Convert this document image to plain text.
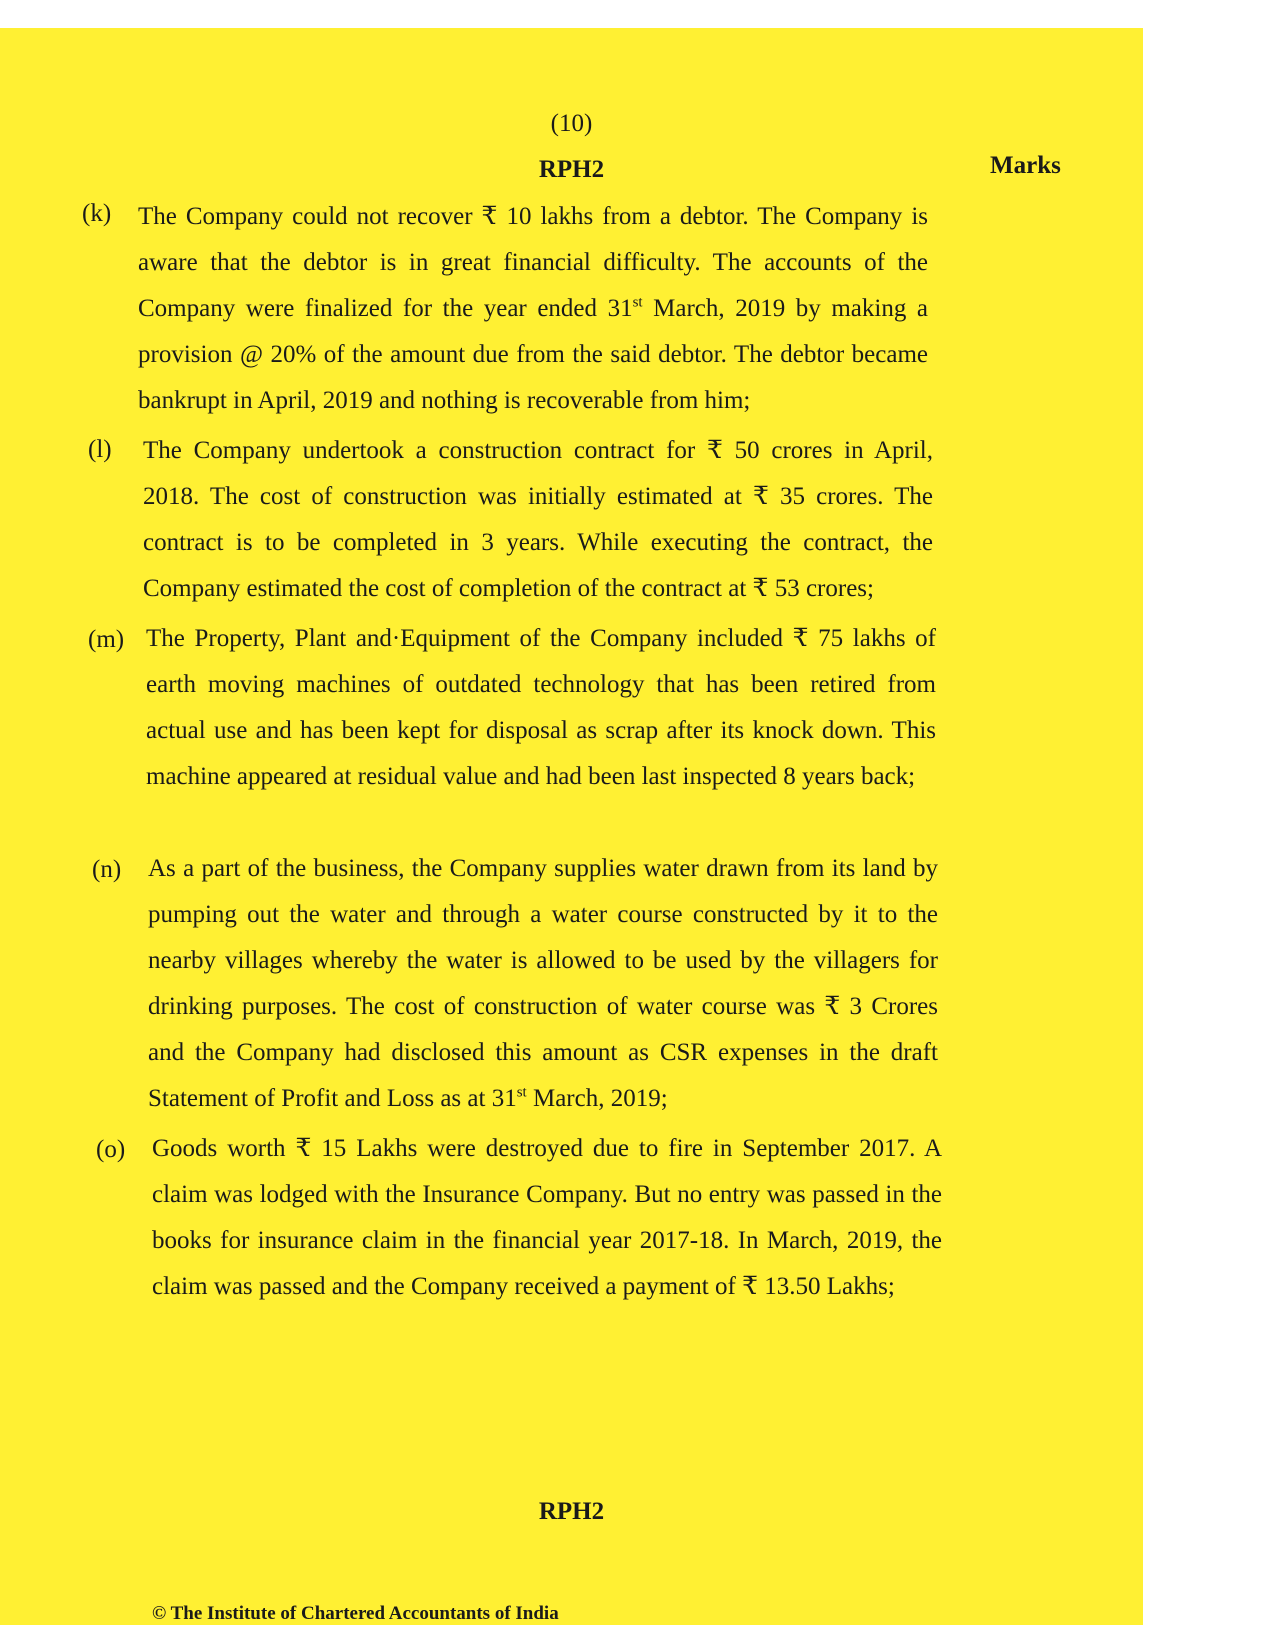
(10)
RPH2	Marks
(k) The Company could not recover ₹ 10 lakhs from a debtor. The Company is aware that the debtor is in great financial difficulty. The accounts of the Company were finalized for the year ended 31st March, 2019 by making a provision @ 20% of the amount due from the said debtor. The debtor became bankrupt in April, 2019 and nothing is recoverable from him;

(l) The Company undertook a construction contract for ₹ 50 crores in April, 2018. The cost of construction was initially estimated at ₹ 35 crores. The contract is to be completed in 3 years. While executing the contract, the Company estimated the cost of completion of the contract at ₹ 53 crores;

(m) The Property, Plant and·Equipment of the Company included ₹ 75 lakhs of earth moving machines of outdated technology that has been retired from actual use and has been kept for disposal as scrap after its knock down. This machine appeared at residual value and had been last inspected 8 years back;

(n) As a part of the business, the Company supplies water drawn from its land by pumping out the water and through a water course constructed by it to the nearby villages whereby the water is allowed to be used by the villagers for drinking purposes. The cost of construction of water course was ₹ 3 Crores and the Company had disclosed this amount as CSR expenses in the draft Statement of Profit and Loss as at 31st March, 2019;

(o) Goods worth ₹ 15 Lakhs were destroyed due to fire in September 2017. A claim was lodged with the Insurance Company. But no entry was passed in the books for insurance claim in the financial year 2017-18. In March, 2019, the claim was passed and the Company received a payment of ₹ 13.50 Lakhs;

RPH2
© The Institute of Chartered Accountants of India
